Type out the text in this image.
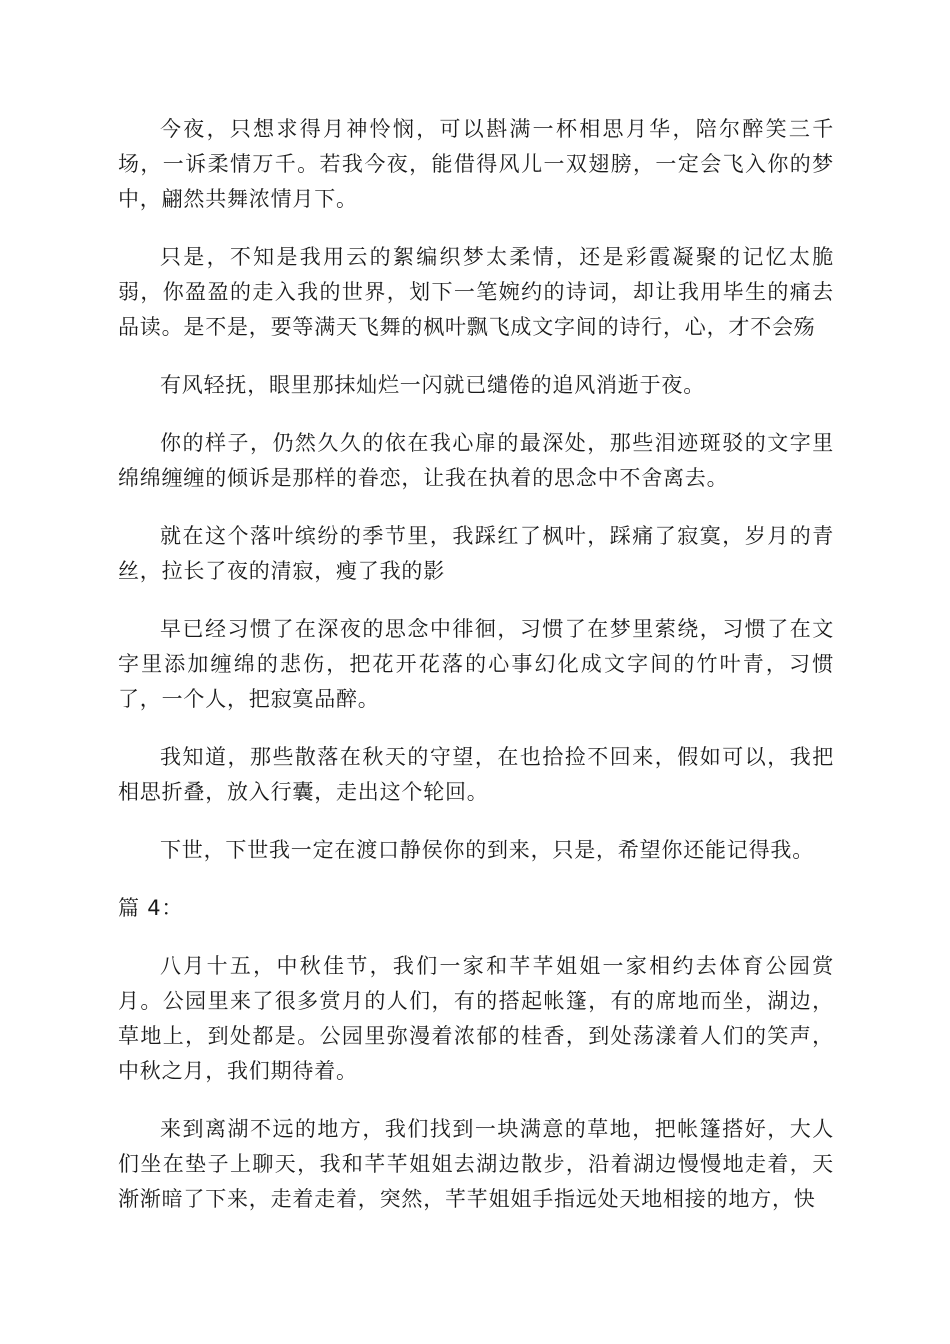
今夜，只想求得月神怜悯，可以斟满一杯相思月华，陪尔醉笑三千场，一诉柔情万千。若我今夜，能借得风儿一双翅膀，一定会飞入你的梦中，翩然共舞浓情月下。

只是，不知是我用云的絮编织梦太柔情，还是彩霞凝聚的记忆太脆弱，你盈盈的走入我的世界，划下一笔婉约的诗词，却让我用毕生的痛去品读。是不是，要等满天飞舞的枫叶飘飞成文字间的诗行，心，才不会殇

有风轻抚，眼里那抹灿烂一闪就已缱倦的追风消逝于夜。

你的样子，仍然久久的依在我心扉的最深处，那些泪迹斑驳的文字里绵绵缠缠的倾诉是那样的眷恋，让我在执着的思念中不舍离去。

就在这个落叶缤纷的季节里，我踩红了枫叶，踩痛了寂寞，岁月的青丝，拉长了夜的清寂，瘦了我的影

早已经习惯了在深夜的思念中徘徊，习惯了在梦里萦绕，习惯了在文字里添加缠绵的悲伤，把花开花落的心事幻化成文字间的竹叶青，习惯了，一个人，把寂寞品醉。

我知道，那些散落在秋天的守望，在也拾捡不回来，假如可以，我把相思折叠，放入行囊，走出这个轮回。

下世，下世我一定在渡口静侯你的到来，只是，希望你还能记得我。

篇 4：

八月十五，中秋佳节，我们一家和芊芊姐姐一家相约去体育公园赏月。公园里来了很多赏月的人们，有的搭起帐篷，有的席地而坐，湖边，草地上，到处都是。公园里弥漫着浓郁的桂香，到处荡漾着人们的笑声，中秋之月，我们期待着。

来到离湖不远的地方，我们找到一块满意的草地，把帐篷搭好，大人们坐在垫子上聊天，我和芊芊姐姐去湖边散步，沿着湖边慢慢地走着，天渐渐暗了下来，走着走着，突然，芊芊姐姐手指远处天地相接的地方，快
